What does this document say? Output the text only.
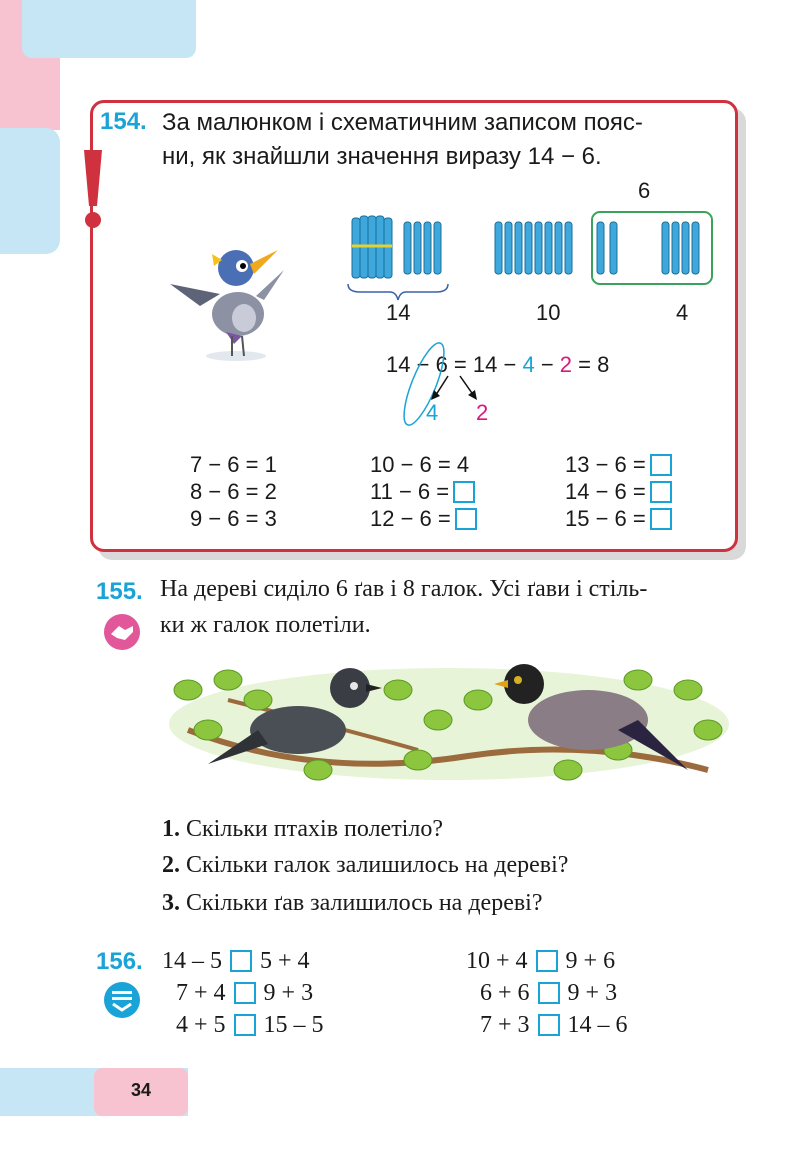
154. За малюнком і схематичним записом пояс-
ни, як знайшли значення виразу 14 − 6.
6
14	10	4
14 − 6 = 14 − 4 − 2 = 8
4 2
7 − 6 = 1
8 − 6 = 2
9 − 6 = 3
10 − 6 = 4
11 − 6 =
12 − 6 =
13 − 6 =
14 − 6 =
15 − 6 =
155. На дереві сиділо 6 ґав і 8 галок. Усі ґави і стіль-
ки ж галок полетіли.
1. Скільки птахів полетіло?
2. Скільки галок залишилось на дереві?
3. Скільки ґав залишилось на дереві?
156. 14 – 5 5 + 4
7 + 4 9 + 3
4 + 5 15 – 5
10 + 4 9 + 6
6 + 6 9 + 3
7 + 3 14 – 6
34
